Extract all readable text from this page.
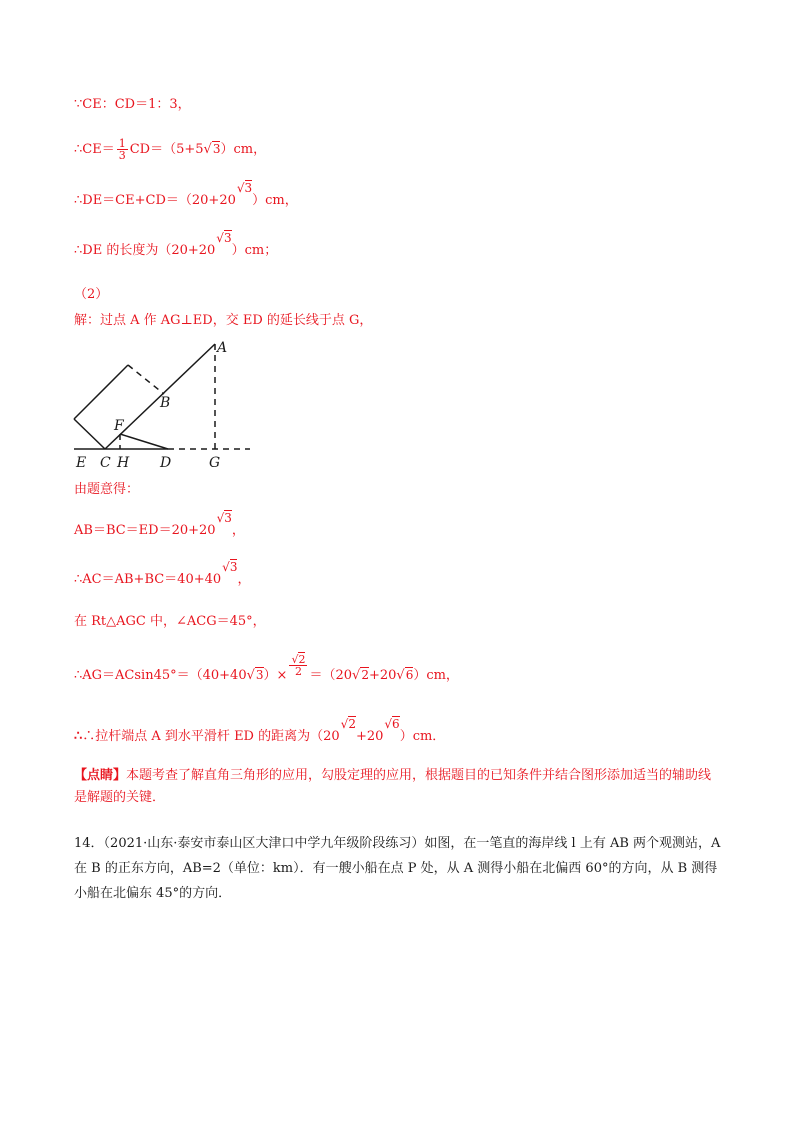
∵CE：CD＝1：3，
∴CE＝ $\frac{1}{3} CD=(5+5√3)cm$，
∴DE＝CE+CD＝（20+20√3）cm，
∴DE 的长度为（20+20√3）cm；
（2）
解：过点 A 作 AG⊥ED，交 ED 的延长线于点 G，
A
B
F
E C H D	G
由题意得：
AB＝BC＝ED＝20+20√3，
∴AC＝AB+BC＝40+40√3，
在 Rt△AGC 中，∠ACG＝45°，
∴AG＝ACsin45°＝（40+40√3）× $\frac{√2}{2} =(20√2+20√6)cm$，
∴∴拉杆端点 A 到水平滑杆 ED 的距离为（20√2+20√6）cm．
【点睛】本题考查了解直角三角形的应用，勾股定理的应用，根据题目的已知条件并结合图形添加适当的辅助线是解题的关键．
14．（2021·山东·泰安市泰山区大津口中学九年级阶段练习）如图，在一笔直的海岸线 l 上有 AB 两个观测站，A 在 B 的正东方向，AB=2（单位：km）．有一艘小船在点 P 处，从 A 测得小船在北偏西 60°的方向，从 B 测得小船在北偏东 45°的方向．
